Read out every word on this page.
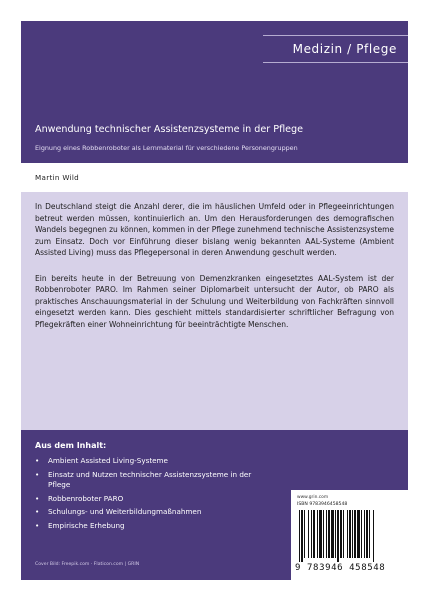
Medizin / Pflege
Anwendung technischer Assistenzsysteme in der Pflege
Eignung eines Robbenroboter als Lernmaterial für verschiedene Personengruppen
Martin Wild

In Deutschland steigt die Anzahl derer, die im häuslichen Umfeld oder in Pflegeeinrichtungen betreut werden müssen, kontinuierlich an. Um den Herausforderungen des demografischen Wandels begegnen zu können, kommen in der Pflege zunehmend technische Assistenzsysteme zum Einsatz. Doch vor Einführung dieser bislang wenig bekannten AAL-Systeme (Ambient Assisted Living) muss das Pflegepersonal in deren Anwendung geschult werden.

Ein bereits heute in der Betreuung von Demenzkranken eingesetztes AAL-System ist der Robbenroboter PARO. Im Rahmen seiner Diplomarbeit untersucht der Autor, ob PARO als praktisches Anschauungsmaterial in der Schulung und Weiterbildung von Fachkräften sinnvoll eingesetzt werden kann. Dies geschieht mittels standardisierter schriftlicher Befragung von Pflegekräften einer Wohneinrichtung für beeinträchtigte Menschen.

Aus dem Inhalt:
• Ambient Assisted Living-Systeme
• Einsatz und Nutzen technischer Assistenzsysteme in der Pflege
• Robbenroboter PARO
• Schulungs- und Weiterbildungmaßnahmen
• Empirische Erhebung
Cover Bild: Freepik.com · Flaticon.com | GRIN
www.grin.com
ISBN 9783946458548
9 783946 458548
